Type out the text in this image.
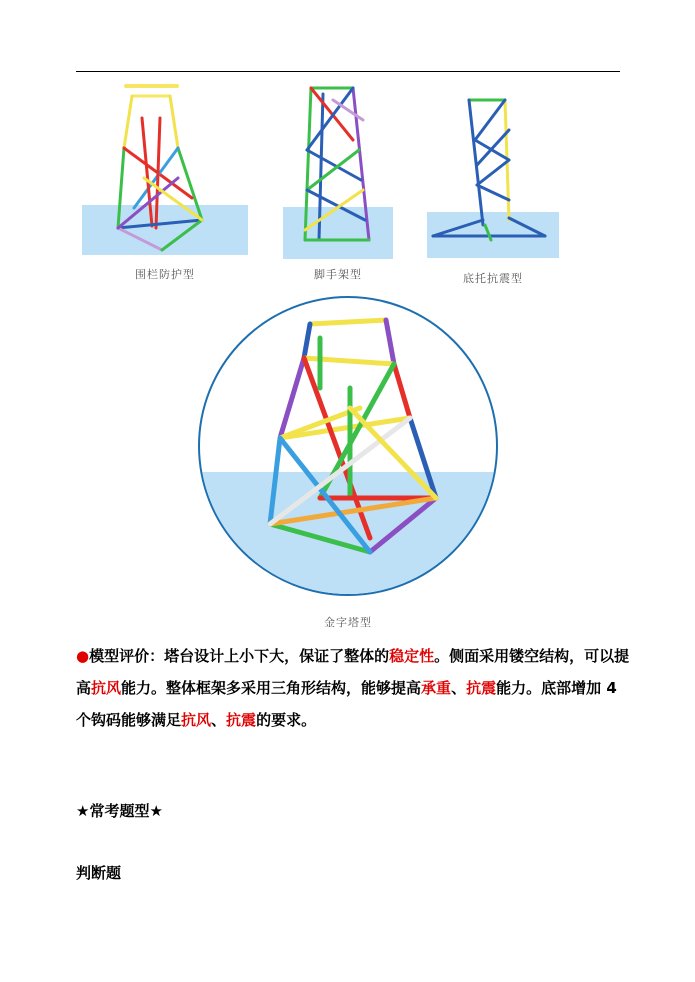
围栏防护型	脚手架型	底托抗震型
金字塔型
●模型评价：塔台设计上小下大，保证了整体的稳定性。侧面采用镂空结构，可以提高抗风能力。整体框架多采用三角形结构，能够提高承重、抗震能力。底部增加 4 个钩码能够满足抗风、抗震的要求。
★常考题型★
判断题
